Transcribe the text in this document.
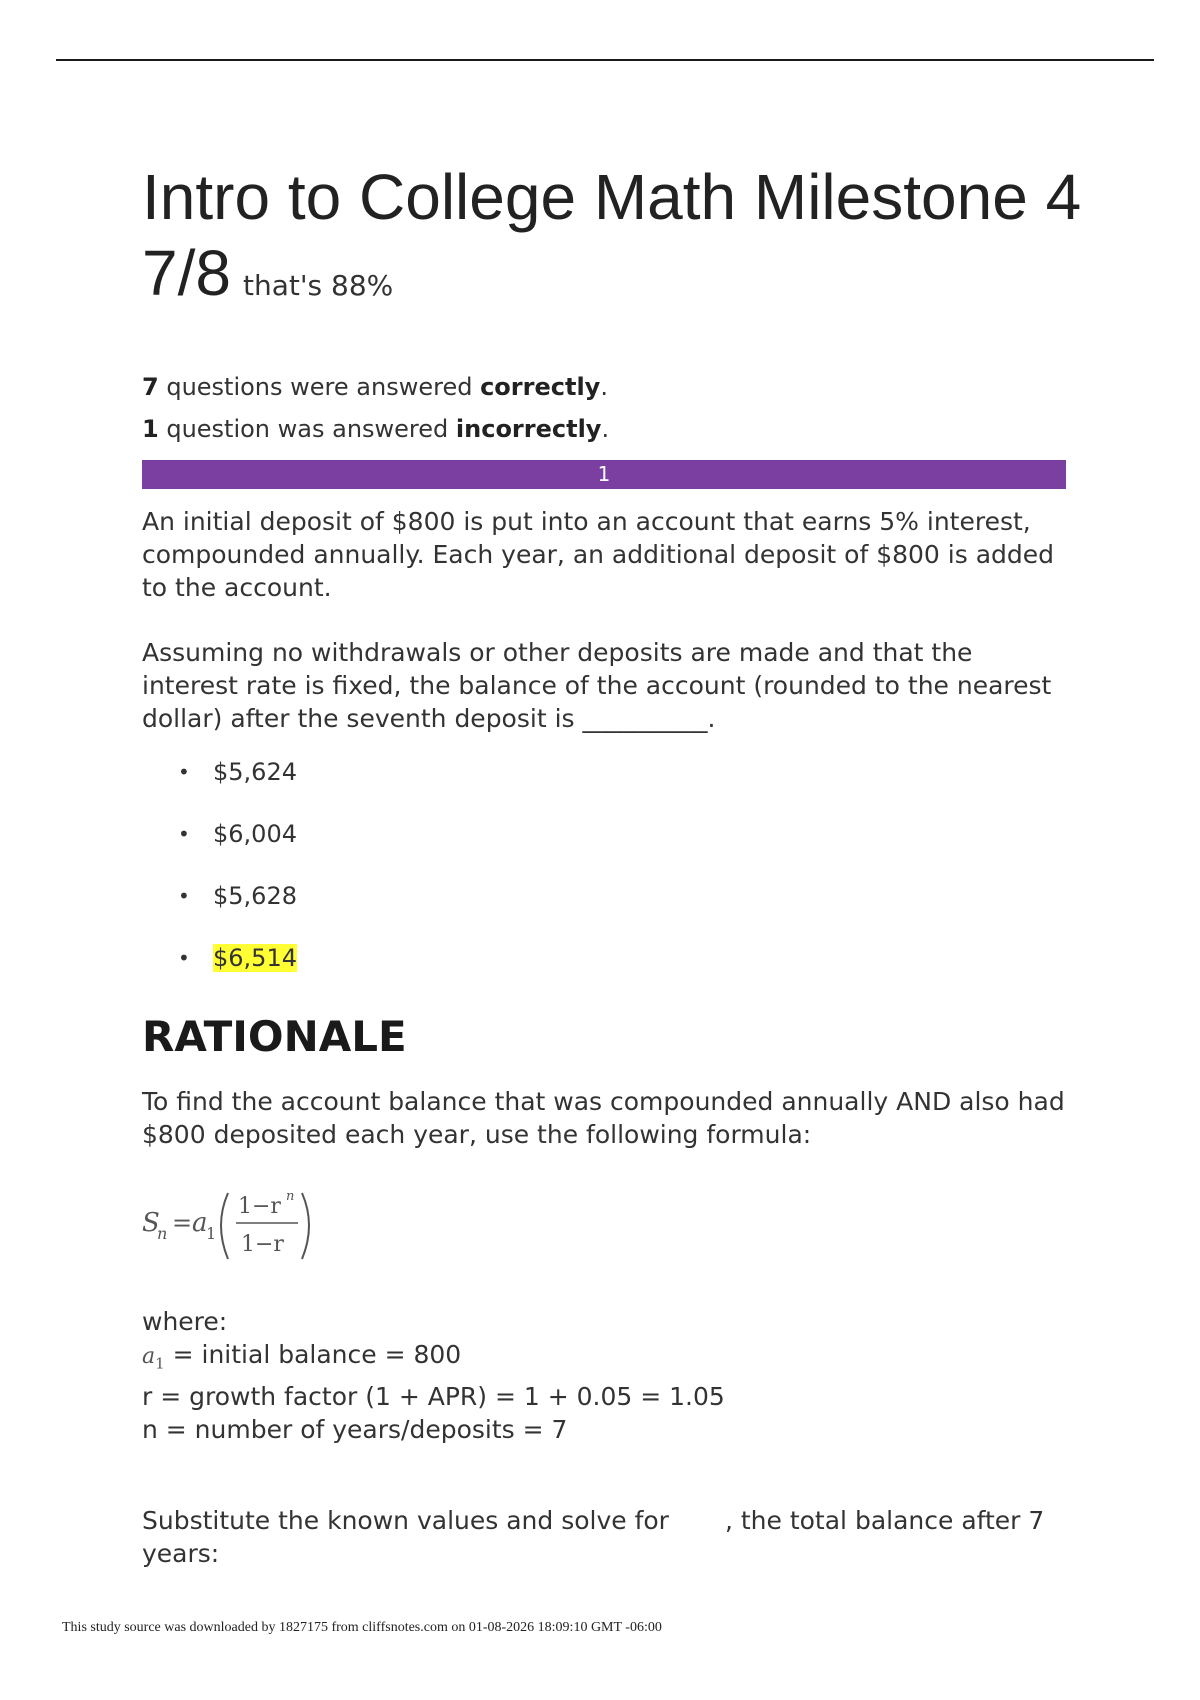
Intro to College Math Milestone 4
7/8 that's 88%
7 questions were answered correctly.
1 question was answered incorrectly.
1

An initial deposit of $800 is put into an account that earns 5% interest, compounded annually. Each year, an additional deposit of $800 is added to the account.

Assuming no withdrawals or other deposits are made and that the interest rate is fixed, the balance of the account (rounded to the nearest dollar) after the seventh deposit is __________.

• $5,624
• $6,004
• $5,628
• $6,514
RATIONALE

To find the account balance that was compounded annually AND also had $800 deposited each year, use the following formula:

S
n = a
1
1−r n
1−r
where:
$a_1$ = initial balance = 800
r = growth factor (1 + APR) = 1 + 0.05 = 1.05
n = number of years/deposits = 7
Substitute the known values and solve for , the total balance after 7 years:
This study source was downloaded by 1827175 from cliffsnotes.com on 01-08-2026 18:09:10 GMT -06:00
